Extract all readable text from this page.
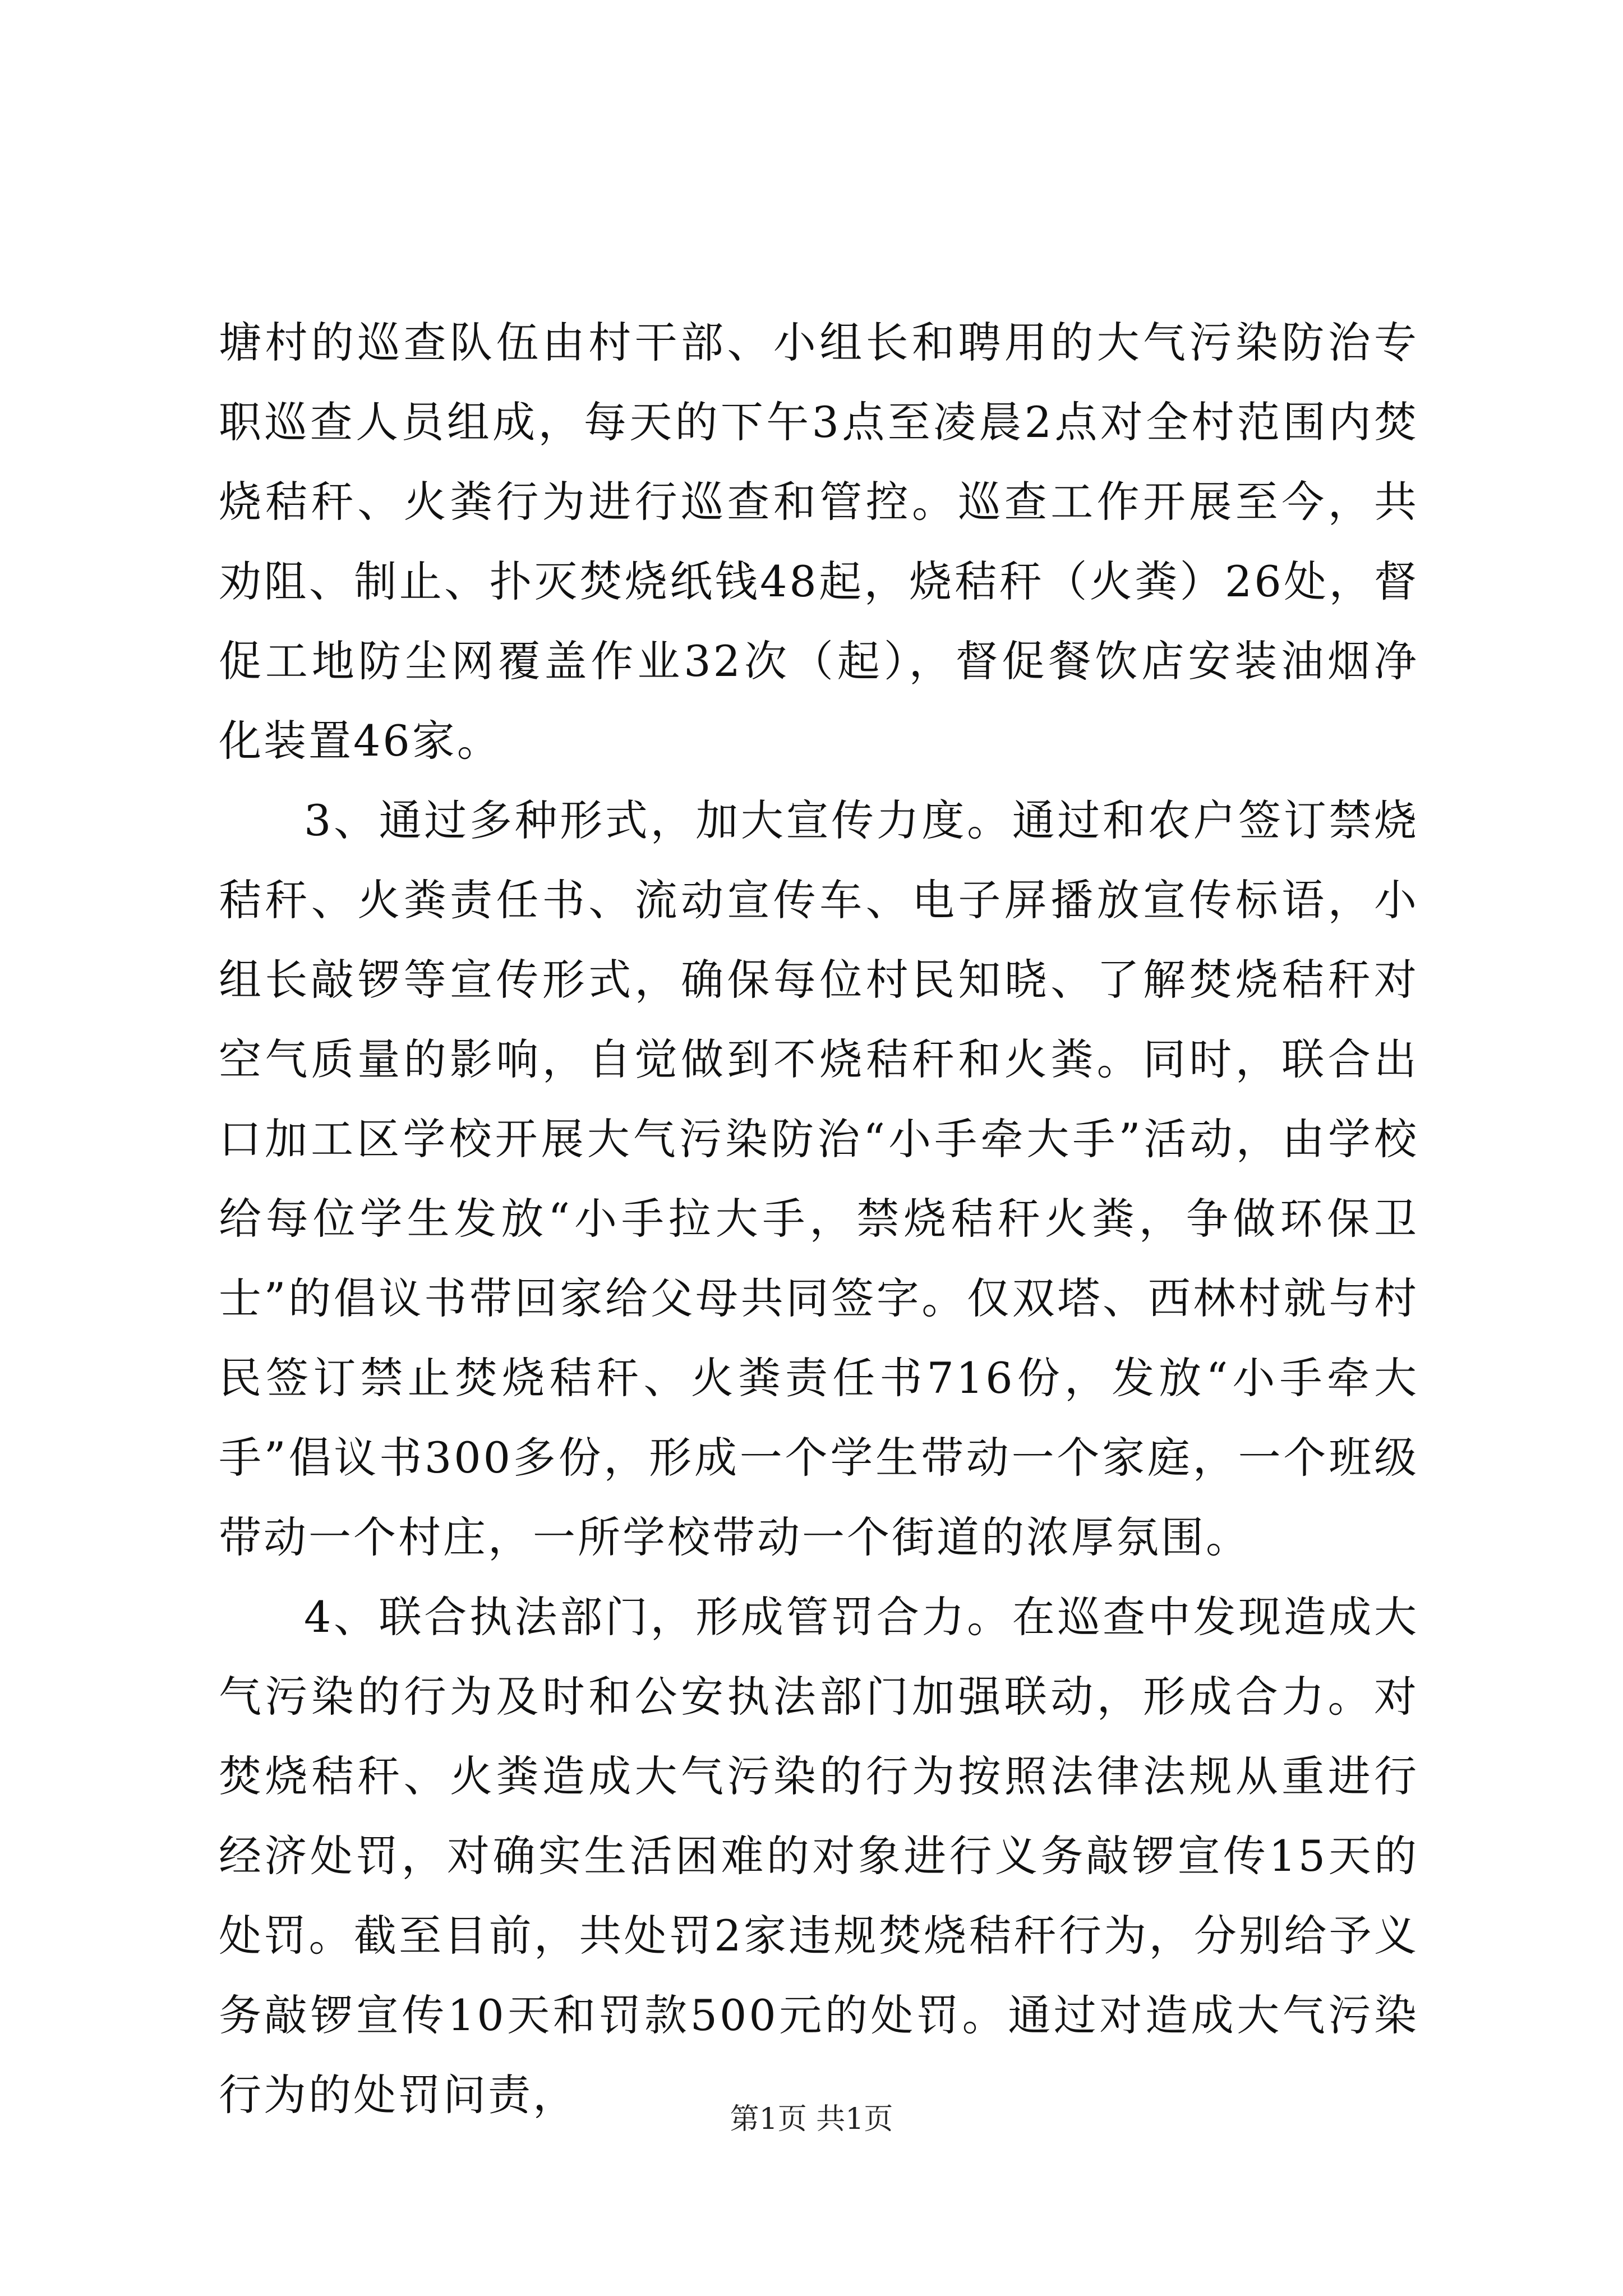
塘村的巡查队伍由村干部、小组长和聘用的大气污染防治专职巡查人员组成，每天的下午3点至凌晨2点对全村范围内焚烧秸秆、火粪行为进行巡查和管控。巡查工作开展至今，共劝阻、制止、扑灭焚烧纸钱48起，烧秸秆（火粪）26处，督促工地防尘网覆盖作业32次（起），督促餐饮店安装油烟净化装置46家。

3、通过多种形式，加大宣传力度。通过和农户签订禁烧秸秆、火粪责任书、流动宣传车、电子屏播放宣传标语，小组长敲锣等宣传形式，确保每位村民知晓、了解焚烧秸秆对空气质量的影响，自觉做到不烧秸秆和火粪。同时，联合出口加工区学校开展大气污染防治“小手牵大手”活动，由学校给每位学生发放“小手拉大手，禁烧秸秆火粪，争做环保卫士”的倡议书带回家给父母共同签字。仅双塔、西林村就与村民签订禁止焚烧秸秆、火粪责任书716份，发放“小手牵大手”倡议书300多份，形成一个学生带动一个家庭，一个班级带动一个村庄，一所学校带动一个街道的浓厚氛围。

4、联合执法部门，形成管罚合力。在巡查中发现造成大气污染的行为及时和公安执法部门加强联动，形成合力。对焚烧秸秆、火粪造成大气污染的行为按照法律法规从重进行经济处罚，对确实生活困难的对象进行义务敲锣宣传15天的处罚。截至目前，共处罚2家违规焚烧秸秆行为，分别给予义务敲锣宣传10天和罚款500元的处罚。通过对造成大气污染行为的处罚问责，	第1页 共1页
